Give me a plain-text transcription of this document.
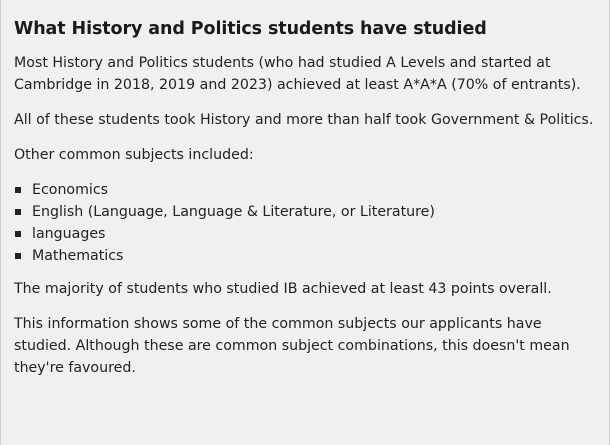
What History and Politics students have studied

Most History and Politics students (who had studied A Levels and started at Cambridge in 2018, 2019 and 2023) achieved at least A*A*A (70% of entrants).

All of these students took History and more than half took Government & Politics.

Other common subjects included:

Economics
English (Language, Language & Literature, or Literature)
languages
Mathematics

The majority of students who studied IB achieved at least 43 points overall.

This information shows some of the common subjects our applicants have studied. Although these are common subject combinations, this doesn't mean they're favoured.
